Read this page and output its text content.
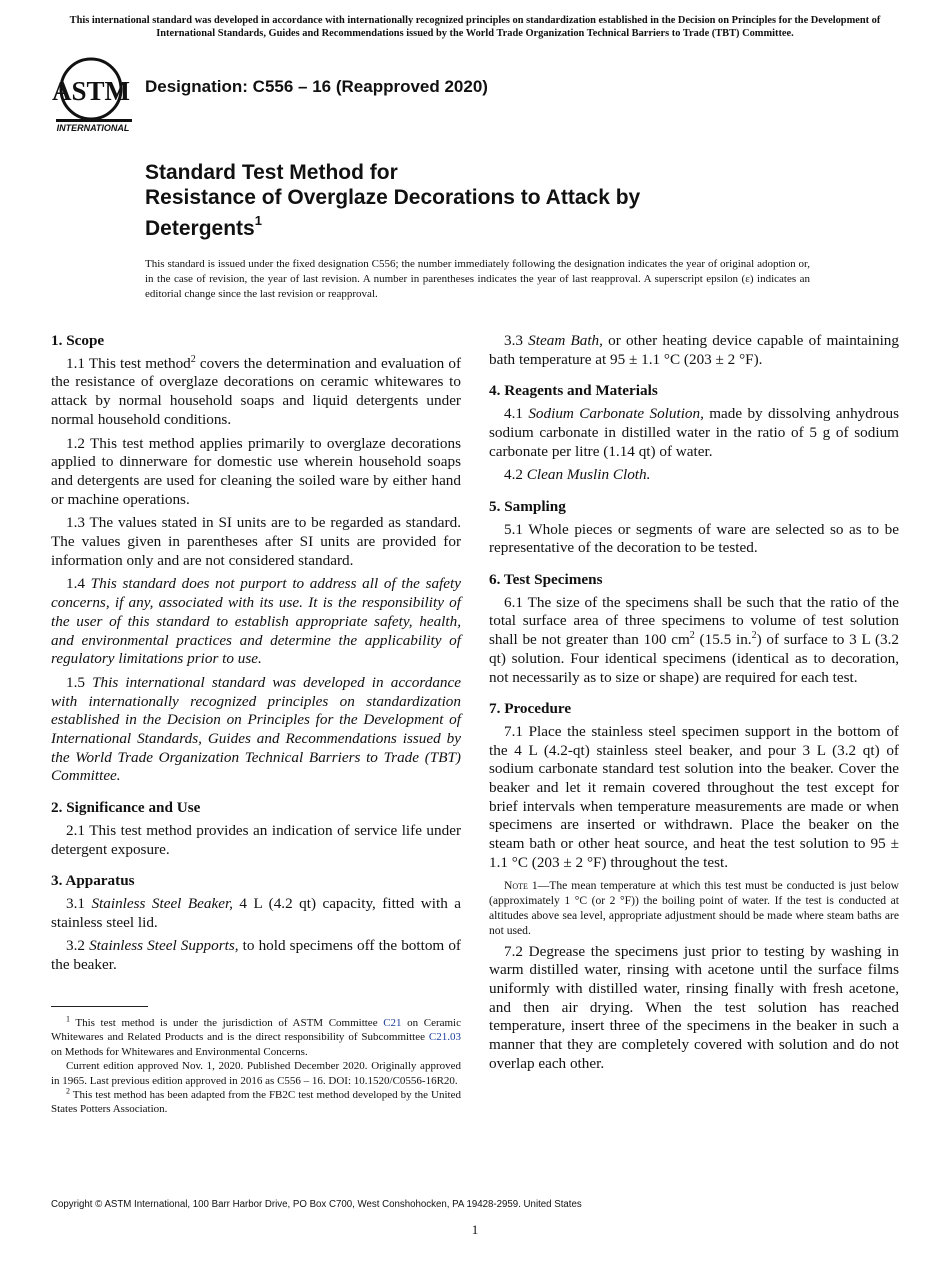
This international standard was developed in accordance with internationally recognized principles on standardization established in the Decision on Principles for the Development of International Standards, Guides and Recommendations issued by the World Trade Organization Technical Barriers to Trade (TBT) Committee.
ASTM
INTERNATIONAL
Designation: C556 – 16 (Reapproved 2020)
Standard Test Method for
Resistance of Overglaze Decorations to Attack by
Detergents$^1$
This standard is issued under the fixed designation C556; the number immediately following the designation indicates the year of original adoption or, in the case of revision, the year of last revision. A number in parentheses indicates the year of last reapproval. A superscript epsilon (ε) indicates an editorial change since the last revision or reapproval.
1. Scope

1.1 This test method$^2$ covers the determination and evaluation of the resistance of overglaze decorations on ceramic whitewares to attack by normal household soaps and liquid detergents under normal household conditions.

1.2 This test method applies primarily to overglaze decorations applied to dinnerware for domestic use wherein household soaps and detergents are used for cleaning the soiled ware by either hand or machine operations.

1.3 The values stated in SI units are to be regarded as standard. The values given in parentheses after SI units are provided for information only and are not considered standard.

1.4 This standard does not purport to address all of the safety concerns, if any, associated with its use. It is the responsibility of the user of this standard to establish appropriate safety, health, and environmental practices and determine the applicability of regulatory limitations prior to use.

1.5 This international standard was developed in accordance with internationally recognized principles on standardization established in the Decision on Principles for the Development of International Standards, Guides and Recommendations issued by the World Trade Organization Technical Barriers to Trade (TBT) Committee.

2. Significance and Use

2.1 This test method provides an indication of service life under detergent exposure.

3. Apparatus

3.1 Stainless Steel Beaker, 4 L (4.2 qt) capacity, fitted with a stainless steel lid.

3.2 Stainless Steel Supports, to hold specimens off the bottom of the beaker.

$^1$ This test method is under the jurisdiction of ASTM Committee C21 on Ceramic Whitewares and Related Products and is the direct responsibility of Subcommittee C21.03 on Methods for Whitewares and Environmental Concerns.

Current edition approved Nov. 1, 2020. Published December 2020. Originally approved in 1965. Last previous edition approved in 2016 as C556 – 16. DOI: 10.1520/C0556-16R20.

$^2$ This test method has been adapted from the FB2C test method developed by the United States Potters Association.

3.3 Steam Bath, or other heating device capable of maintaining bath temperature at 95 ± 1.1 °C (203 ± 2 °F).

4. Reagents and Materials

4.1 Sodium Carbonate Solution, made by dissolving anhydrous sodium carbonate in distilled water in the ratio of 5 g of sodium carbonate per litre (1.14 qt) of water.

4.2 Clean Muslin Cloth.

5. Sampling

5.1 Whole pieces or segments of ware are selected so as to be representative of the decoration to be tested.

6. Test Specimens

6.1 The size of the specimens shall be such that the ratio of the total surface area of three specimens to volume of test solution shall be not greater than 100 $cm^2$ (15.5 in.$^2$) of surface to 3 L (3.2 qt) solution. Four identical specimens (identical as to decoration, not necessarily as to size or shape) are required for each test.

7. Procedure

7.1 Place the stainless steel specimen support in the bottom of the 4 L (4.2-qt) stainless steel beaker, and pour 3 L (3.2 qt) of sodium carbonate standard test solution into the beaker. Cover the beaker and let it remain covered throughout the test except for brief intervals when temperature measurements are made or when specimens are inserted or withdrawn. Place the beaker on the steam bath or other heat source, and heat the test solution to 95 ± 1.1 °C (203 ± 2 °F) throughout the test.

Note 1—The mean temperature at which this test must be conducted is just below (approximately 1 °C (or 2 °F)) the boiling point of water. If the test is conducted at altitudes above sea level, appropriate adjustment should be made where steam baths are not used.

7.2 Degrease the specimens just prior to testing by washing in warm distilled water, rinsing with acetone until the surface films uniformly with distilled water, rinsing finally with fresh acetone, and then air drying. When the test solution has reached temperature, insert three of the specimens in the beaker in such a manner that they are completely covered with solution and do not overlap each other.

Copyright © ASTM International, 100 Barr Harbor Drive, PO Box C700, West Conshohocken, PA 19428-2959. United States
1
